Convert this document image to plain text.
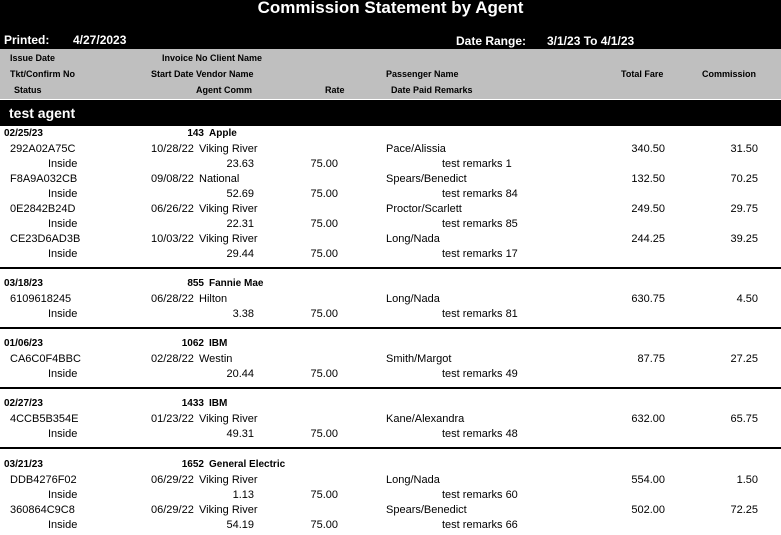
Commission Statement by Agent
Printed: 4/27/2023	Date Range: 3/1/23 To 4/1/23
Issue Date	Invoice No Client Name
Tkt/Confirm No	Start Date Vendor Name	Passenger Name	Total Fare	Commission
Status	Agent Comm	Rate	Date Paid Remarks
test agent
02/25/23	143 Apple
292A02A75C	10/28/22 Viking River	Pace/Alissia	340.50	31.50
Inside	23.63	75.00	test remarks 1
F8A9A032CB	09/08/22 National	Spears/Benedict	132.50	70.25
Inside	52.69	75.00	test remarks 84
0E2842B24D	06/26/22 Viking River	Proctor/Scarlett	249.50	29.75
Inside	22.31	75.00	test remarks 85
CE23D6AD3B	10/03/22 Viking River	Long/Nada	244.25	39.25
Inside	29.44	75.00	test remarks 17
03/18/23	855 Fannie Mae
6109618245	06/28/22 Hilton	Long/Nada	630.75	4.50
Inside	3.38	75.00	test remarks 81
01/06/23	1062 IBM
CA6C0F4BBC	02/28/22 Westin	Smith/Margot	87.75	27.25
Inside	20.44	75.00	test remarks 49
02/27/23	1433 IBM
4CCB5B354E	01/23/22 Viking River	Kane/Alexandra	632.00	65.75
Inside	49.31	75.00	test remarks 48
03/21/23	1652 General Electric
DDB4276F02	06/29/22 Viking River	Long/Nada	554.00	1.50
Inside	1.13	75.00	test remarks 60
360864C9C8	06/29/22 Viking River	Spears/Benedict	502.00	72.25
Inside	54.19	75.00	test remarks 66
